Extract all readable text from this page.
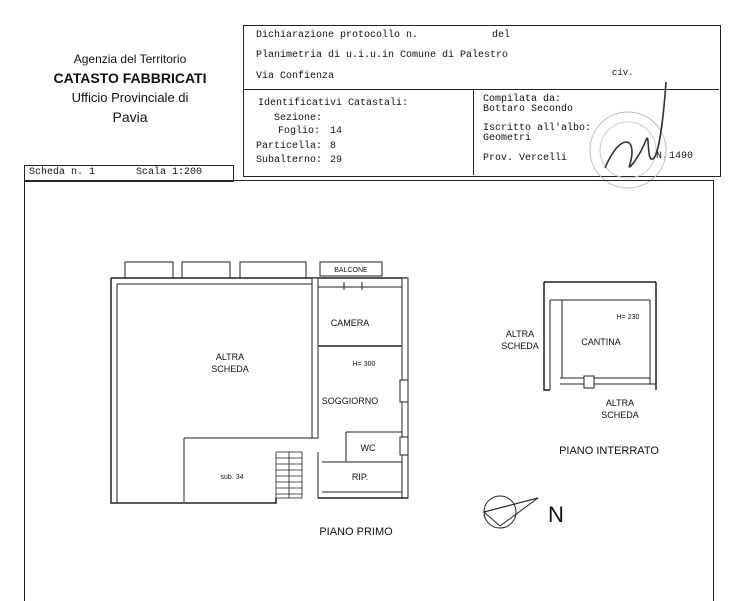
Agenzia del Territorio
CATASTO FABBRICATI
Ufficio Provinciale di
Pavia
Dichiarazione protocollo n.	del
Planimetria di u.i.u.in Comune di Palestro
Via Confienza	civ.
Identificativi Catastali:
Sezione:
Foglio: 14
Particella: 8
Subalterno: 29
Compilata da:
Bottaro Secondo
Iscritto all'albo:
Geometri
Prov. Vercelli	N. 1490
Scheda n. 1	Scala 1:200
BALCONE
CAMERA
ALTRA
SCHEDA	H= 300
SOGGIORNO
WC
sub. 34	RIP.
PIANO PRIMO
H= 230
CANTINA
ALTRA
SCHEDA
ALTRA
SCHEDA
PIANO INTERRATO
N
